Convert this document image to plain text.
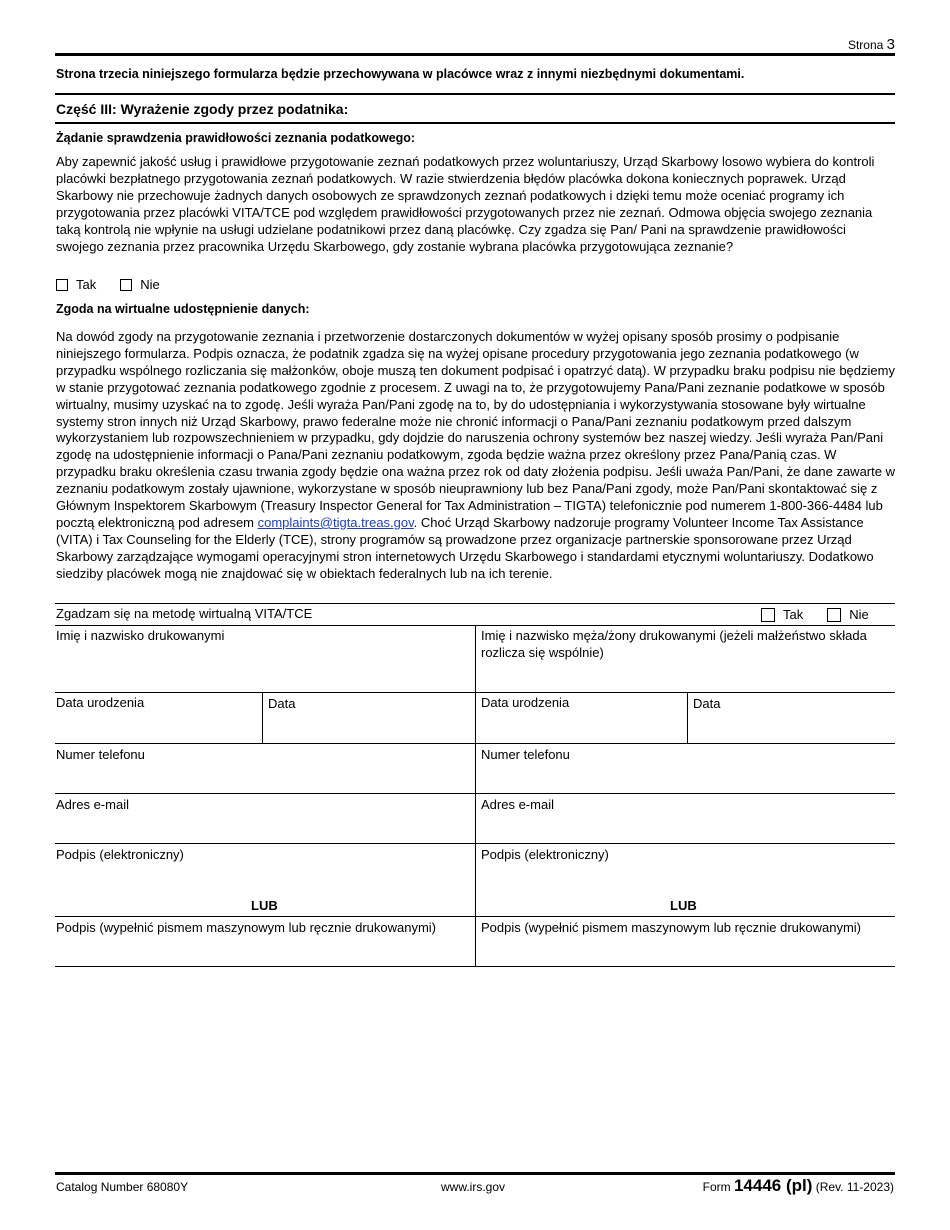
Strona 3
Strona trzecia niniejszego formularza będzie przechowywana w placówce wraz z innymi niezbędnymi dokumentami.
Część III: Wyrażenie zgody przez podatnika:
Żądanie sprawdzenia prawidłowości zeznania podatkowego:

Aby zapewnić jakość usług i prawidłowe przygotowanie zeznań podatkowych przez woluntariuszy, Urząd Skarbowy losowo wybiera do kontroli placówki bezpłatnego przygotowania zeznań podatkowych. W razie stwierdzenia błędów placówka dokona koniecznych poprawek. Urząd Skarbowy nie przechowuje żadnych danych osobowych ze sprawdzonych zeznań podatkowych i dzięki temu może oceniać programy ich przygotowania przez placówki VITA/TCE pod względem prawidłowości przygotowanych przez nie zeznań. Odmowa objęcia swojego zeznania taką kontrolą nie wpłynie na usługi udzielane podatnikowi przez daną placówkę. Czy zgadza się Pan/ Pani na sprawdzenie prawidłowości swojego zeznania przez pracownika Urzędu Skarbowego, gdy zostanie wybrana placówka przygotowująca zeznanie?

Tak	Nie
Zgoda na wirtualne udostępnienie danych:

Na dowód zgody na przygotowanie zeznania i przetworzenie dostarczonych dokumentów w wyżej opisany sposób prosimy o podpisanie niniejszego formularza. Podpis oznacza, że podatnik zgadza się na wyżej opisane procedury przygotowania jego zeznania podatkowego (w przypadku wspólnego rozliczania się małżonków, oboje muszą ten dokument podpisać i opatrzyć datą). W przypadku braku podpisu nie będziemy w stanie przygotować zeznania podatkowego zgodnie z procesem. Z uwagi na to, że przygotowujemy Pana/Pani zeznanie podatkowe w sposób wirtualny, musimy uzyskać na to zgodę. Jeśli wyraża Pan/Pani zgodę na to, by do udostępniania i wykorzystywania stosowane były wirtualne systemy stron innych niż Urząd Skarbowy, prawo federalne może nie chronić informacji o Pana/Pani zeznaniu podatkowym przed dalszym wykorzystaniem lub rozpowszechnieniem w przypadku, gdy dojdzie do naruszenia ochrony systemów bez naszej wiedzy. Jeśli wyraża Pan/Pani zgodę na udostępnienie informacji o Pana/Pani zeznaniu podatkowym, zgoda będzie ważna przez określony przez Pana/Panią czas. W przypadku braku określenia czasu trwania zgody będzie ona ważna przez rok od daty złożenia podpisu. Jeśli uważa Pan/Pani, że dane zawarte w zeznaniu podatkowym zostały ujawnione, wykorzystane w sposób nieuprawniony lub bez Pana/Pani zgody, może Pan/Pani skontaktować się z Głównym Inspektorem Skarbowym (Treasury Inspector General for Tax Administration – TIGTA) telefonicznie pod numerem 1-800-366-4484 lub pocztą elektroniczną pod adresem complaints@tigta.treas.gov. Choć Urząd Skarbowy nadzoruje programy Volunteer Income Tax Assistance (VITA) i Tax Counseling for the Elderly (TCE), strony programów są prowadzone przez organizacje partnerskie sponsorowane przez Urząd Skarbowy zarządzające wymogami operacyjnymi stron internetowych Urzędu Skarbowego i standardami etycznymi woluntariuszy. Dodatkowo siedziby placówek mogą nie znajdować się w obiektach federalnych lub na ich terenie.

Zgadzam się na metodę wirtualną VITA/TCE	Tak	Nie
Imię i nazwisko drukowanymi	Imię i nazwisko męża/żony drukowanymi (jeżeli małżeństwo składa rozlicza się wspólnie)
Data urodzenia	Data	Data urodzenia	Data
Numer telefonu	Numer telefonu
Adres e-mail	Adres e-mail
Podpis (elektroniczny)	Podpis (elektroniczny)
LUB	LUB
Podpis (wypełnić pismem maszynowym lub ręcznie drukowanymi)	Podpis (wypełnić pismem maszynowym lub ręcznie drukowanymi)
Catalog Number 68080Y	www.irs.gov	Form 14446 (pl) (Rev. 11-2023)
